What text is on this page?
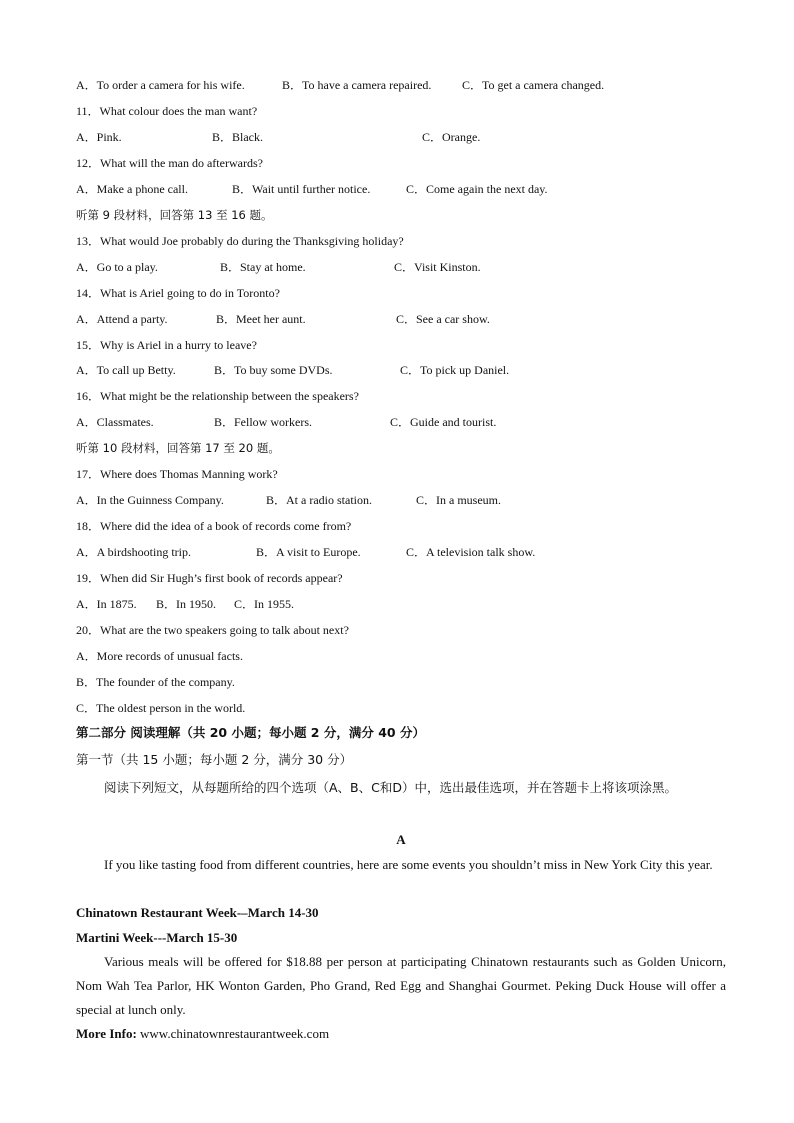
A．To order a camera for his wife.	B．To have a camera repaired.	C．To get a camera changed.
11．What colour does the man want?
A．Pink.	B．Black.	C．Orange.
12．What will the man do afterwards?
A．Make a phone call.	B．Wait until further notice.	C．Come again the next day.
听第 9 段材料，回答第 13 至 16 题。
13．What would Joe probably do during the Thanksgiving holiday?
A．Go to a play.	B．Stay at home.	C．Visit Kinston.
14．What is Ariel going to do in Toronto?
A．Attend a party.	B．Meet her aunt.	C．See a car show.
15．Why is Ariel in a hurry to leave?
A．To call up Betty.	B．To buy some DVDs.	C．To pick up Daniel.
16．What might be the relationship between the speakers?
A．Classmates.	B．Fellow workers.	C．Guide and tourist.
听第 10 段材料，回答第 17 至 20 题。
17．Where does Thomas Manning work?
A．In the Guinness Company.	B．At a radio station.	C．In a museum.
18．Where did the idea of a book of records come from?
A．A birdshooting trip.	B．A visit to Europe.	C．A television talk show.
19．When did Sir Hugh’s first book of records appear?
A．In 1875. B．In 1950. C．In 1955.
20．What are the two speakers going to talk about next?
A．More records of unusual facts.
B．The founder of the company.
C．The oldest person in the world.
第二部分 阅读理解（共 20 小题；每小题 2 分，满分 40 分）
第一节（共 15 小题；每小题 2 分，满分 30 分）
阅读下列短文，从每题所给的四个选项（A、B、C和D）中，选出最佳选项，并在答题卡上将该项涂黑。
A
If you like tasting food from different countries, here are some events you shouldn’t miss in New York City this year.
Chinatown Restaurant Week-–March 14-30
Martini Week---March 15-30
Various meals will be offered for $18.88 per person at participating Chinatown restaurants such as Golden Unicorn, Nom Wah Tea Parlor, HK Wonton Garden, Pho Grand, Red Egg and Shanghai Gourmet. Peking Duck House will offer a special at lunch only.
More Info: www.chinatownrestaurantweek.com
